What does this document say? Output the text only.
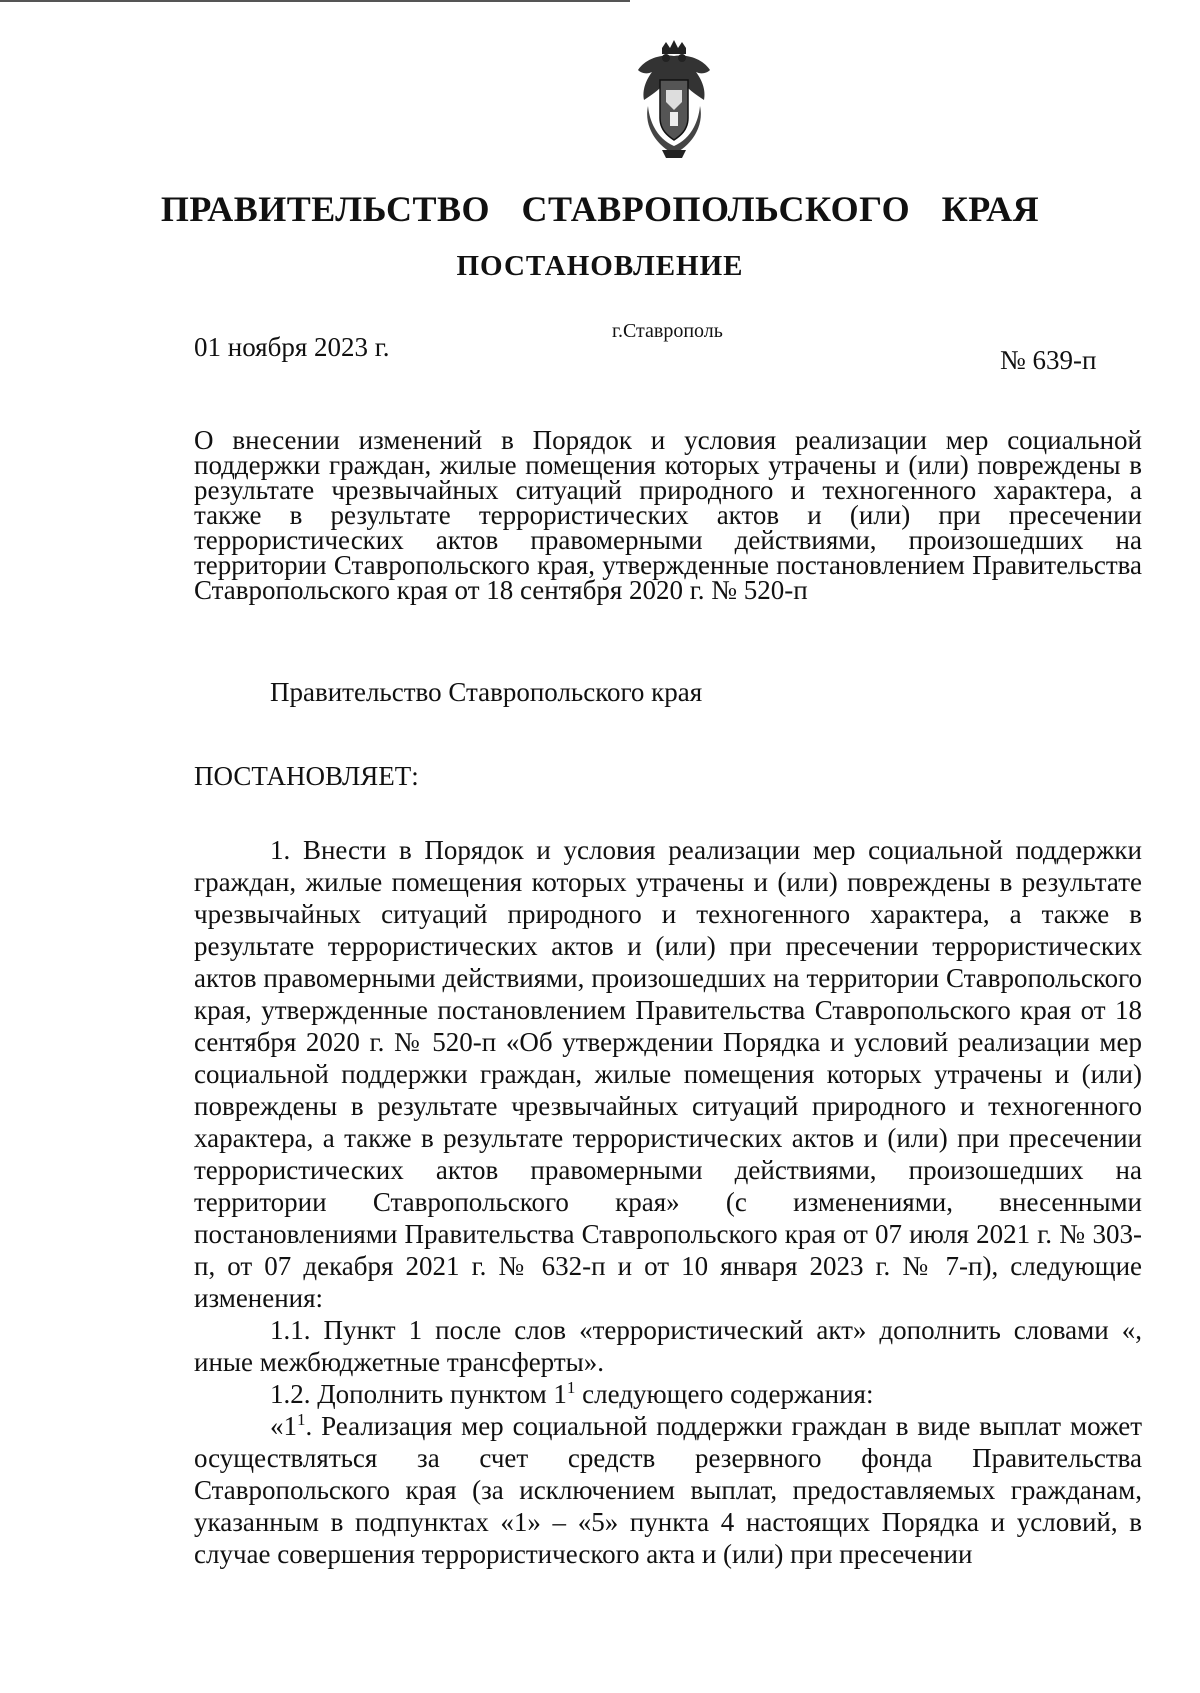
ПРАВИТЕЛЬСТВО СТАВРОПОЛЬСКОГО КРАЯ
ПОСТАНОВЛЕНИЕ
01 ноября 2023 г.
г.Ставрополь
№ 639-п

О внесении изменений в Порядок и условия реализации мер социальной поддержки граждан, жилые помещения которых утрачены и (или) повреждены в результате чрезвычайных ситуаций природного и техногенного характера, а также в результате террористических актов и (или) при пресечении террористических актов правомерными действиями, произошедших на территории Ставропольского края, утвержденные постановлением Правительства Ставропольского края от 18 сентября 2020 г. № 520-п

Правительство Ставропольского края

ПОСТАНОВЛЯЕТ:

1. Внести в Порядок и условия реализации мер социальной поддержки граждан, жилые помещения которых утрачены и (или) повреждены в результате чрезвычайных ситуаций природного и техногенного характера, а также в результате террористических актов и (или) при пресечении террористических актов правомерными действиями, произошедших на территории Ставропольского края, утвержденные постановлением Правительства Ставропольского края от 18 сентября 2020 г. № 520-п «Об утверждении Порядка и условий реализации мер социальной поддержки граждан, жилые помещения которых утрачены и (или) повреждены в результате чрезвычайных ситуаций природного и техногенного характера, а также в результате террористических актов и (или) при пресечении террористических актов правомерными действиями, произошедших на территории Ставропольского края» (с изменениями, внесенными постановлениями Правительства Ставропольского края от 07 июля 2021 г. № 303-п, от 07 декабря 2021 г. № 632-п и от 10 января 2023 г. № 7-п), следующие изменения:

1.1. Пункт 1 после слов «террористический акт» дополнить словами «, иные межбюджетные трансферты».

1.2. Дополнить пунктом $1^1$ следующего содержания:

«$1^1$. Реализация мер социальной поддержки граждан в виде выплат может осуществляться за счет средств резервного фонда Правительства Ставропольского края (за исключением выплат, предоставляемых гражданам, указанным в подпунктах «1» – «5» пункта 4 настоящих Порядка и условий, в случае совершения террористического акта и (или) при пресечении
